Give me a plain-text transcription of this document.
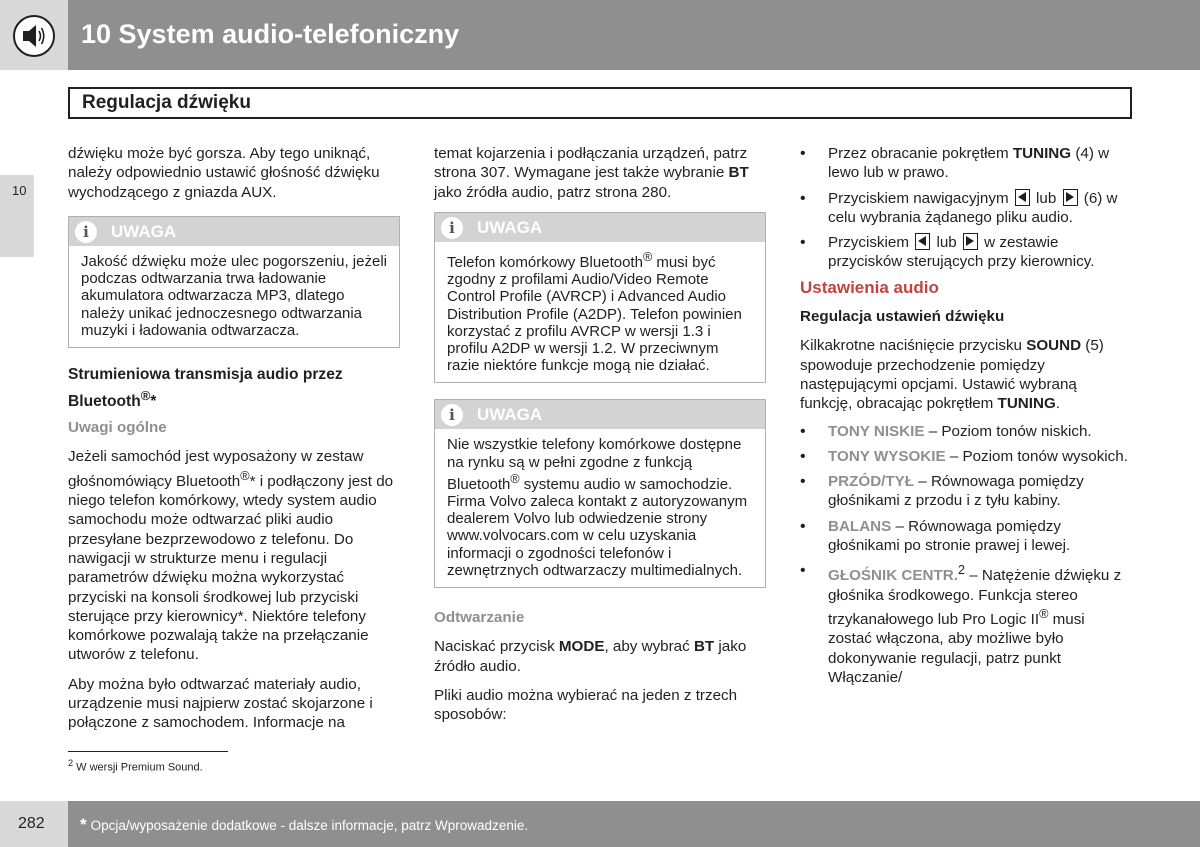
10 System audio-telefoniczny
Regulacja dźwięku
10

dźwięku może być gorsza. Aby tego uniknąć, należy odpowiednio ustawić głośność dźwięku wychodzącego z gniazda AUX.

i	UWAGA
Jakość dźwięku może ulec pogorszeniu, jeżeli podczas odtwarzania trwa ładowanie akumulatora odtwarzacza MP3, dlatego należy unikać jednoczesnego odtwarzania muzyki i ładowania odtwarzacza.
Strumieniowa transmisja audio przez Bluetooth®*

Uwagi ogólne

Jeżeli samochód jest wyposażony w zestaw głośnomówiący Bluetooth®* i podłączony jest do niego telefon komórkowy, wtedy system audio samochodu może odtwarzać pliki audio przesyłane bezprzewodowo z telefonu. Do nawigacji w strukturze menu i regulacji parametrów dźwięku można wykorzystać przyciski na konsoli środkowej lub przyciski sterujące przy kierownicy*. Niektóre telefony komórkowe pozwalają także na przełączanie utworów z telefonu.

Aby można było odtwarzać materiały audio, urządzenie musi najpierw zostać skojarzone i połączone z samochodem. Informacje na

temat kojarzenia i podłączania urządzeń, patrz strona 307. Wymagane jest także wybranie BT jako źródła audio, patrz strona 280.

i	UWAGA
Telefon komórkowy Bluetooth® musi być zgodny z profilami Audio/Video Remote Control Profile (AVRCP) i Advanced Audio Distribution Profile (A2DP). Telefon powinien korzystać z profilu AVRCP w wersji 1.3 i profilu A2DP w wersji 1.2. W przeciwnym razie niektóre funkcje mogą nie działać.
i	UWAGA
Nie wszystkie telefony komórkowe dostępne na rynku są w pełni zgodne z funkcją Bluetooth® systemu audio w samochodzie. Firma Volvo zaleca kontakt z autoryzowanym dealerem Volvo lub odwiedzenie strony www.volvocars.com w celu uzyskania informacji o zgodności telefonów i zewnętrznych odtwarzaczy multimedialnych.

Odtwarzanie

Naciskać przycisk MODE, aby wybrać BT jako źródło audio.

Pliki audio można wybierać na jeden z trzech sposobów:

• Przez obracanie pokrętłem TUNING (4) w lewo lub w prawo.
• Przyciskiem nawigacyjnym
lub
(6) w celu wybrania żądanego pliku audio.
• Przyciskiem
lub
w zestawie przycisków sterujących przy kierownicy.

Ustawienia audio

Regulacja ustawień dźwięku

Kilkakrotne naciśnięcie przycisku SOUND (5) spowoduje przechodzenie pomiędzy następującymi opcjami. Ustawić wybraną funkcję, obracając pokrętłem TUNING.

• TONY NISKIE – Poziom tonów niskich.
• TONY WYSOKIE – Poziom tonów wysokich.
• PRZÓD/TYŁ – Równowaga pomiędzy głośnikami z przodu i z tyłu kabiny.
• BALANS – Równowaga pomiędzy głośnikami po stronie prawej i lewej.
• GŁOŚNIK CENTR.$^2$ – Natężenie dźwięku z głośnika środkowego. Funkcja stereo trzykanałowego lub Pro Logic II® musi zostać włączona, aby możliwe było dokonywanie regulacji, patrz punkt Włączanie/
$^2$ W wersji Premium Sound.
282 * Opcja/wyposażenie dodatkowe - dalsze informacje, patrz Wprowadzenie.
